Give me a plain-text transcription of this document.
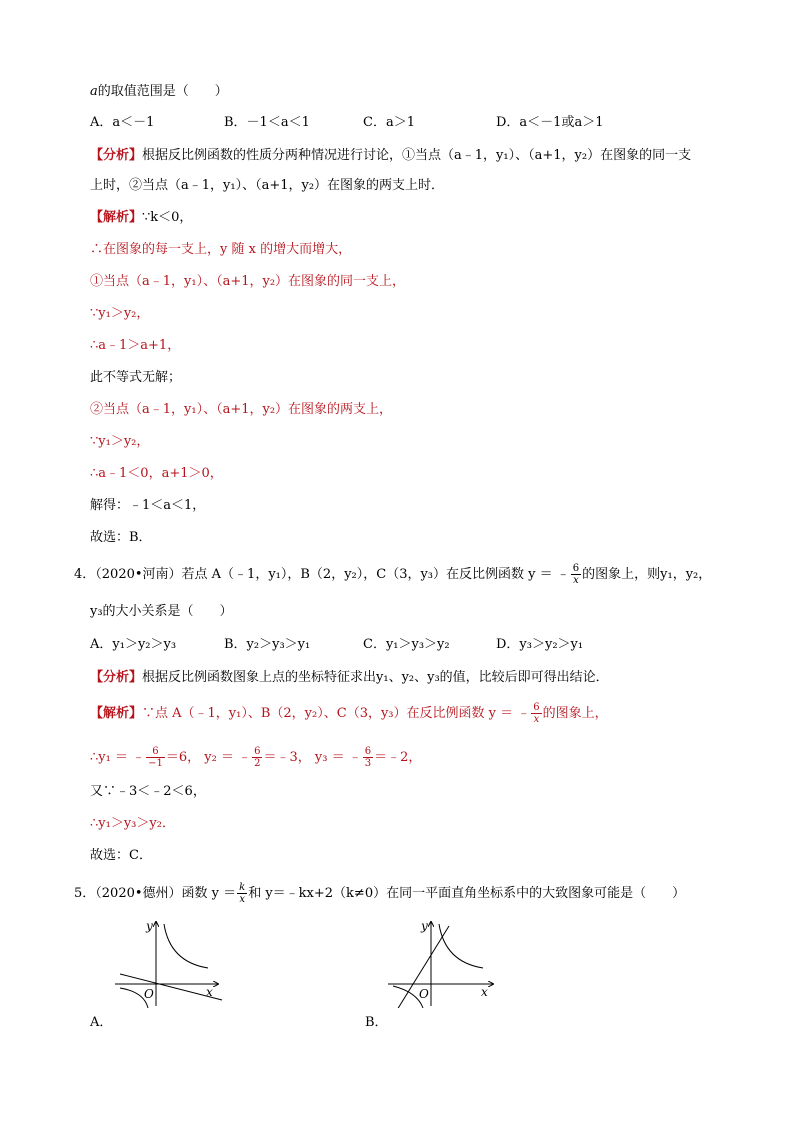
a的取值范围是（　　）
A．a＜－1	B．－1＜a＜1	C．a＞1	D．a＜－1或a＞1
【分析】根据反比例函数的性质分两种情况进行讨论，①当点（a﹣1，y₁）、（a+1，y₂）在图象的同一支
上时，②当点（a﹣1，y₁）、（a+1，y₂）在图象的两支上时．
【解析】∵k＜0，
∴在图象的每一支上，y 随 x 的增大而增大，
①当点（a﹣1，y₁）、（a+1，y₂）在图象的同一支上，
∵y₁＞y₂，
∴a﹣1＞a+1，
此不等式无解；
②当点（a﹣1，y₁）、（a+1，y₂）在图象的两支上，
∵y₁＞y₂，
∴a﹣1＜0，a+1＞0，
解得：﹣1＜a＜1，
故选：B．
4．（2020•河南）若点 A（﹣1，y₁），B（2，y₂），C（3，y₃）在反比例函数 y ＝ ﹣ $\frac{6}{x}$ 的图象上，则y₁，y₂，
y₃的大小关系是（　　）
A．y₁＞y₂＞y₃	B．y₂＞y₃＞y₁	C．y₁＞y₃＞y₂	D．y₃＞y₂＞y₁
【分析】根据反比例函数图象上点的坐标特征求出y₁、y₂、y₃的值，比较后即可得出结论．
【解析】∵点 A（﹣1，y₁）、B（2，y₂）、C（3，y₃）在反比例函数 y ＝ ﹣ $\frac{6}{x}$ 的图象上，
∴y₁ ＝ ﹣ $\frac{6}{-1} =6$， y₂ ＝ ﹣ $\frac{6}{2}$ ＝﹣3， y₃ ＝ ﹣ $\frac{6}{3}$ ＝﹣2，
又∵﹣3＜﹣2＜6，
∴y₁＞y₃＞y₂．
故选：C．
5．（2020•德州）函数 $y = \frac{k}{x}$ 和 y＝﹣kx+2（k≠0）在同一平面直角坐标系中的大致图象可能是（　　）
x
y
O
A．
x
y
O
B．
